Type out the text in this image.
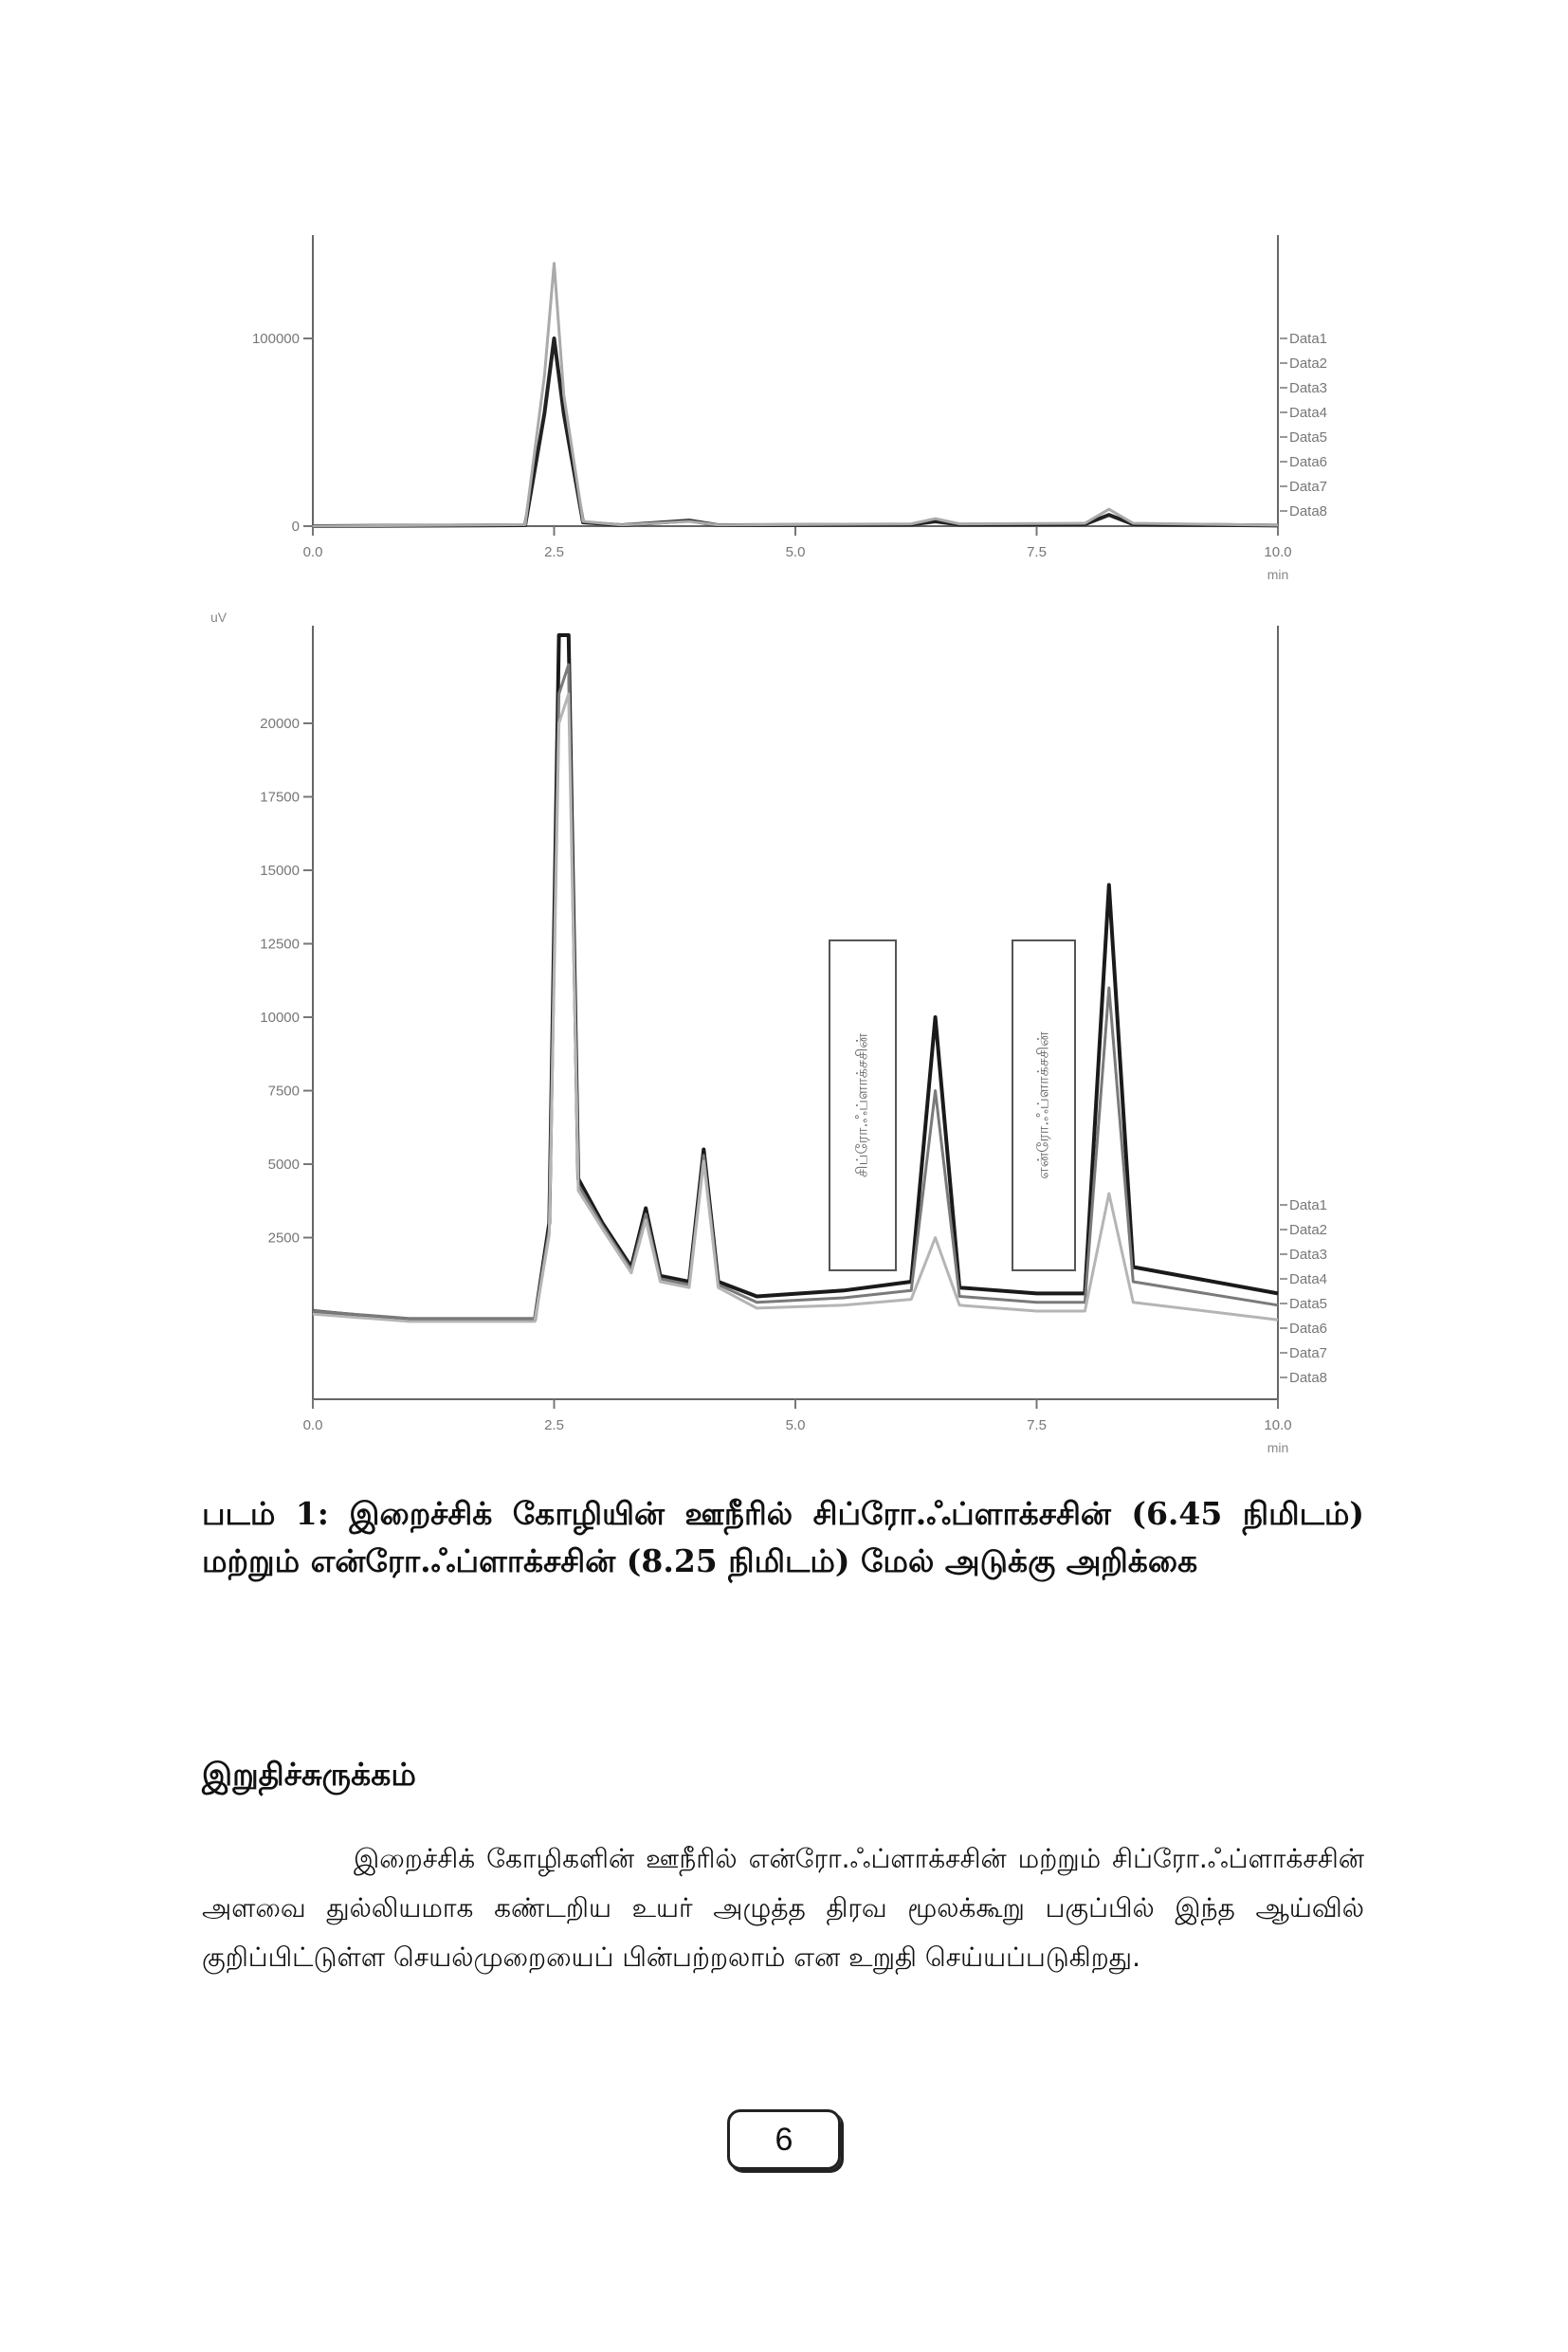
0.0	2.5	5.0	7.5	10.0
min
0
100000	Data1
Data2
Data3
Data4
Data5
Data6
Data7
Data8
0.0	2.5	5.0	7.5	10.0
min
2500
5000
7500
10000
12500
15000
17500
20000
uV
Data1
Data2
Data3
Data4
Data5
Data6
Data7
Data8
சிப்ரோ.ஃப்ளாக்சசின்	என்ரோ.ஃப்ளாக்சசின்
படம் 1: இறைச்சிக் கோழியின் ஊநீரில் சிப்ரோ.ஃப்ளாக்சசின் (6.45 நிமிடம்) மற்றும் என்ரோ.ஃப்ளாக்சசின் (8.25 நிமிடம்) மேல் அடுக்கு அறிக்கை
இறுதிச்சுருக்கம்
இறைச்சிக் கோழிகளின் ஊநீரில் என்ரோ.ஃப்ளாக்சசின் மற்றும் சிப்ரோ.ஃப்ளாக்சசின் அளவை துல்லியமாக கண்டறிய உயர் அழுத்த திரவ மூலக்கூறு பகுப்பில் இந்த ஆய்வில் குறிப்பிட்டுள்ள செயல்முறையைப் பின்பற்றலாம் என உறுதி செய்யப்படுகிறது.
6
